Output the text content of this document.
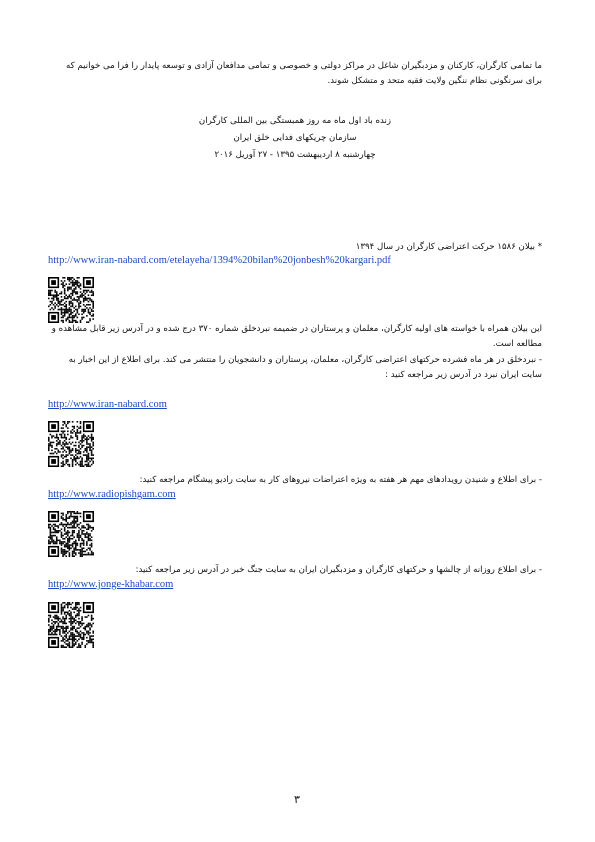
ما تمامی کارگران، کارکنان و مزدبگیران شاغل در مراکز دولتی و خصوصی و تمامی مدافعان آزادی و توسعه پایدار را فرا می خوانیم که برای سرنگونی نظام ننگین ولایت فقیه متحد و متشکل شوند.
زنده باد اول ماه مه روز همبستگی بین المللی کارگران
سازمان چریکهای فدایی خلق ایران
چهارشنبه ۸ اردیبهشت ۱۳۹۵ - ۲۷ آوریل ۲۰۱۶
* بیلان ۱۵۸۶ حرکت اعتراضی کارگران در سال ۱۳۹۴
http://www.iran-nabard.com/etelayeha/1394%20bilan%20jonbesh%20kargari.pdf
این بیلان همراه با خواسته های اولیه کارگران، معلمان و پرستاران در ضمیمه نبردخلق شماره ۳۷۰ درج شده و در آدرس زیر قابل مشاهده و مطالعه است.
- نبردخلق در هر ماه فشرده حرکتهای اعتراضی کارگران، معلمان، پرستاران و دانشجویان را منتشر می کند. برای اطلاع از این اخبار به سایت ایران نبرد در آدرس زیر مراجعه کنید :
http://www.iran-nabard.com
- برای اطلاع و شنیدن رویدادهای مهم هر هفته به ویژه اعتراضات نیروهای کار به سایت رادیو پیشگام مراجعه کنید:
http://www.radiopishgam.com
- برای اطلاع روزانه از چالشها و حرکتهای کارگران و مزدبگیران ایران به سایت جنگ خبر در آدرس زیر مراجعه کنید:
http://www.jonge-khabar.com
۳
